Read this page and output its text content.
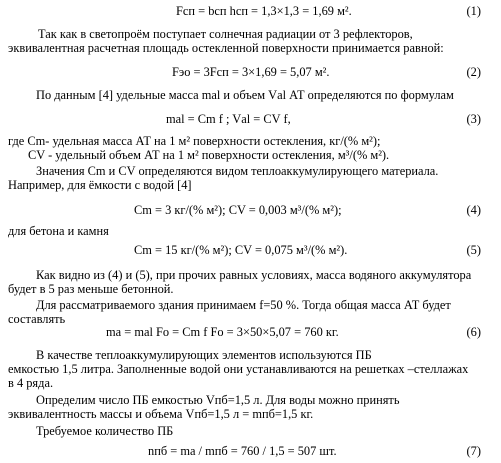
Fсп = bсп hсп = 1,3×1,3 = 1,69 м².	(1)
Так как в светопроём поступает солнечная радиации от 3 рефлекторов,
эквивалентная расчетная площадь остекленной поверхности принимается равной:
Fэо = 3Fсп = 3×1,69 = 5,07 м².	(2)
По данным [4] удельные масса mаl и объем Vаl АТ определяются по формулам
mаl = Cm f ; Vаl = CV f,	(3)
где Cm- удельная масса АТ на 1 м² поверхности остекления, кг/(% м²);
CV - удельный объем АТ на 1 м² поверхности остекления, м³/(% м²).
Значения Cm и CV определяются видом теплоаккумулирующего материала.
Например, для ёмкости с водой [4]
Cm = 3 кг/(% м²); CV = 0,003 м³/(% м²);	(4)
для бетона и камня
Cm = 15 кг/(% м²); CV = 0,075 м³/(% м²).	(5)
Как видно из (4) и (5), при прочих равных условиях, масса водяного аккумулятора
будет в 5 раз меньше бетонной.
Для рассматриваемого здания принимаем f=50 %. Тогда общая масса АТ будет
составлять
ma = mаl Fо = Cm f Fо = 3×50×5,07 = 760 кг.	(6)
В качестве теплоаккумулирующих элементов используются ПБ
емкостью 1,5 литра. Заполненные водой они устанавливаются на решетках –стеллажах
в 4 ряда.
Определим число ПБ емкостью Vпб=1,5 л. Для воды можно принять
эквивалентность массы и объема Vпб=1,5 л = mпб=1,5 кг.
Требуемое количество ПБ
nпб = ma / mпб = 760 / 1,5 = 507 шт.	(7)
